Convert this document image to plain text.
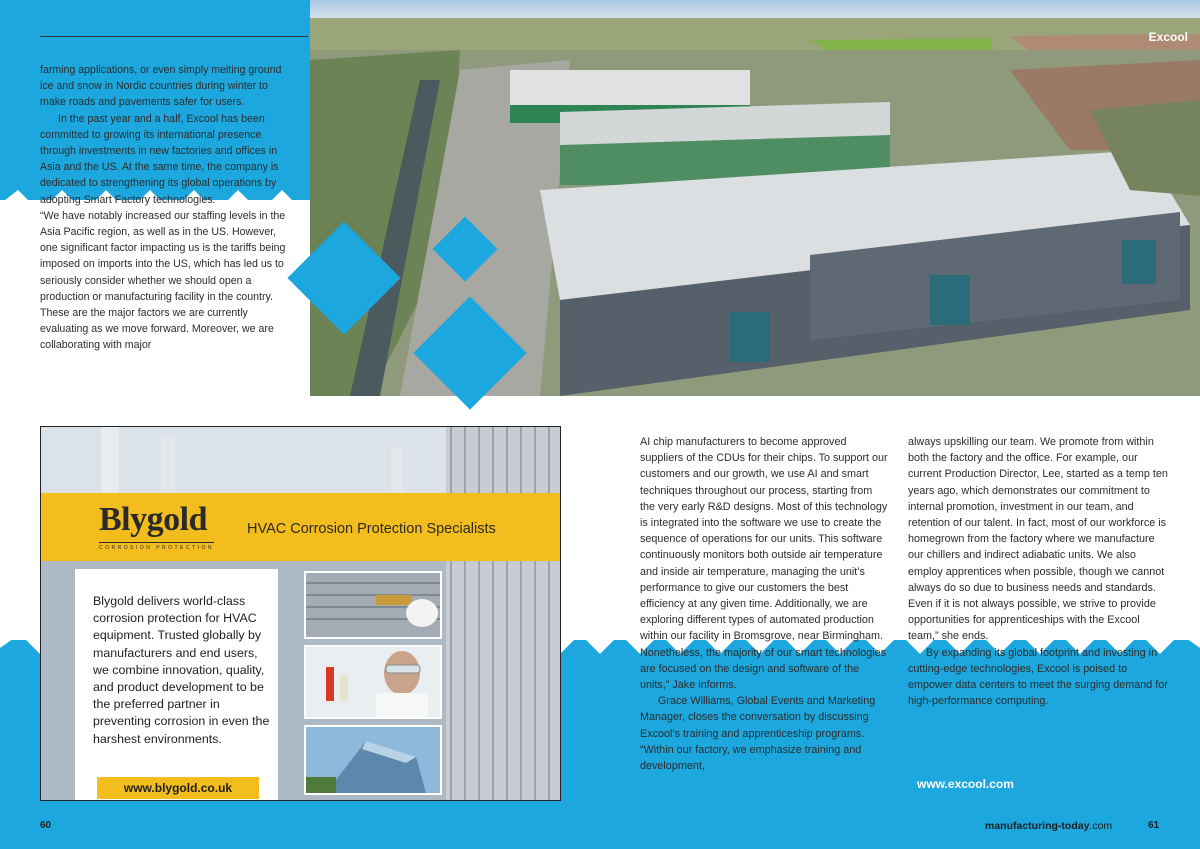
farming applications, or even simply melting ground ice and snow in Nordic countries during winter to make roads and pavements safer for users.

In the past year and a half, Excool has been committed to growing its international presence through investments in new factories and offices in Asia and the US. At the same time, the company is dedicated to strengthening its global operations by adopting Smart Factory technologies.

“We have notably increased our staffing levels in the Asia Pacific region, as well as in the US. However, one significant factor impacting us is the tariffs being imposed on imports into the US, which has led us to seriously consider whether we should open a production or manufacturing facility in the country. These are the major factors we are currently evaluating as we move forward. Moreover, we are collaborating with major

Excool
Blygold
CORROSION PROTECTION
HVAC Corrosion Protection Specialists
Blygold delivers world-class corrosion protection for HVAC equipment. Trusted globally by manufacturers and end users, we combine innovation, quality, and product development to be the preferred partner in preventing corrosion in even the harshest environments.
www.blygold.co.uk

AI chip manufacturers to become approved suppliers of the CDUs for their chips. To support our customers and our growth, we use AI and smart techniques throughout our process, starting from the very early R&D designs. Most of this technology is integrated into the software we use to create the sequence of operations for our units. This software continuously monitors both outside air temperature and inside air temperature, managing the unit’s performance to give our customers the best efficiency at any given time. Additionally, we are exploring different types of automated production within our facility in Bromsgrove, near Birmingham. Nonetheless, the majority of our smart technologies are focused on the design and software of the units,” Jake informs.

Grace Williams, Global Events and Marketing Manager, closes the conversation by discussing Excool’s training and apprenticeship programs. “Within our factory, we emphasize training and development,

always upskilling our team. We promote from within both the factory and the office. For example, our current Production Director, Lee, started as a temp ten years ago, which demonstrates our commitment to internal promotion, investment in our team, and retention of our talent. In fact, most of our workforce is homegrown from the factory where we manufacture our chillers and indirect adiabatic units. We also employ apprentices when possible, though we cannot always do so due to business needs and standards. Even if it is not always possible, we strive to provide opportunities for apprenticeships with the Excool team,” she ends.

By expanding its global footprint and investing in cutting-edge technologies, Excool is poised to empower data centers to meet the surging demand for high-performance computing.

www.excool.com
60	manufacturing-today.com	61
